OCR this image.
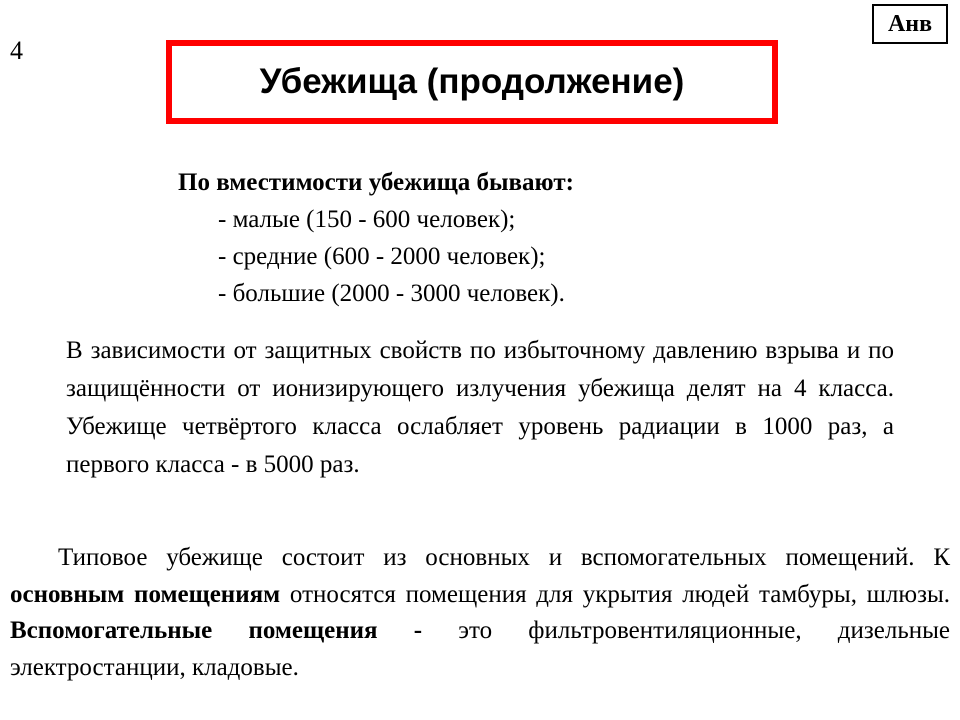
4
Анв
Убежища (продолжение)
По вместимости убежища бывают:
- малые (150 - 600 человек);
- средние (600 - 2000 человек);
- большие (2000 - 3000 человек).
В зависимости от защитных свойств по избыточному давлению взрыва и по защищённости от ионизирующего излучения убежища делят на 4 класса. Убежище четвёртого класса ослабляет уровень радиации в 1000 раз, а первого класса - в 5000 раз.
Типовое убежище состоит из основных и вспомогательных помещений. К основным помещениям относятся помещения для укрытия людей тамбуры, шлюзы. Вспомогательные помещения - это фильтровентиляционные, дизельные электростанции, кладовые.
